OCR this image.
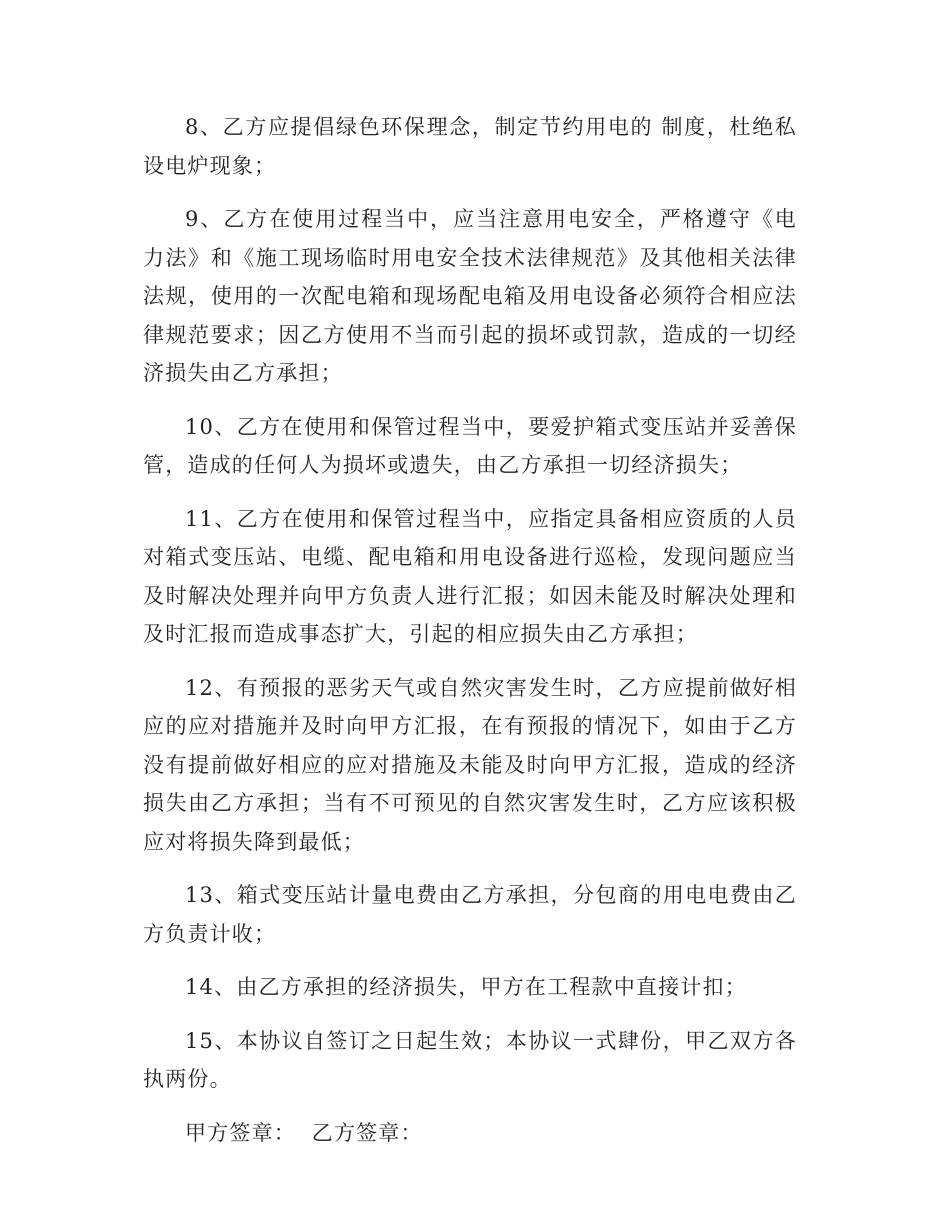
8、乙方应提倡绿色环保理念，制定节约用电的 制度，杜绝私设电炉现象；

9、乙方在使用过程当中，应当注意用电安全，严格遵守《电力法》和《施工现场临时用电安全技术法律规范》及其他相关法律法规，使用的一次配电箱和现场配电箱及用电设备必须符合相应法律规范要求；因乙方使用不当而引起的损坏或罚款，造成的一切经济损失由乙方承担；

10、乙方在使用和保管过程当中，要爱护箱式变压站并妥善保管，造成的任何人为损坏或遗失，由乙方承担一切经济损失；

11、乙方在使用和保管过程当中，应指定具备相应资质的人员对箱式变压站、电缆、配电箱和用电设备进行巡检，发现问题应当及时解决处理并向甲方负责人进行汇报；如因未能及时解决处理和及时汇报而造成事态扩大，引起的相应损失由乙方承担；

12、有预报的恶劣天气或自然灾害发生时，乙方应提前做好相应的应对措施并及时向甲方汇报，在有预报的情况下，如由于乙方没有提前做好相应的应对措施及未能及时向甲方汇报，造成的经济损失由乙方承担；当有不可预见的自然灾害发生时，乙方应该积极应对将损失降到最低；

13、箱式变压站计量电费由乙方承担，分包商的用电电费由乙方负责计收；

14、由乙方承担的经济损失，甲方在工程款中直接计扣；

15、本协议自签订之日起生效；本协议一式肆份，甲乙双方各执两份。

甲方签章：  乙方签章：
